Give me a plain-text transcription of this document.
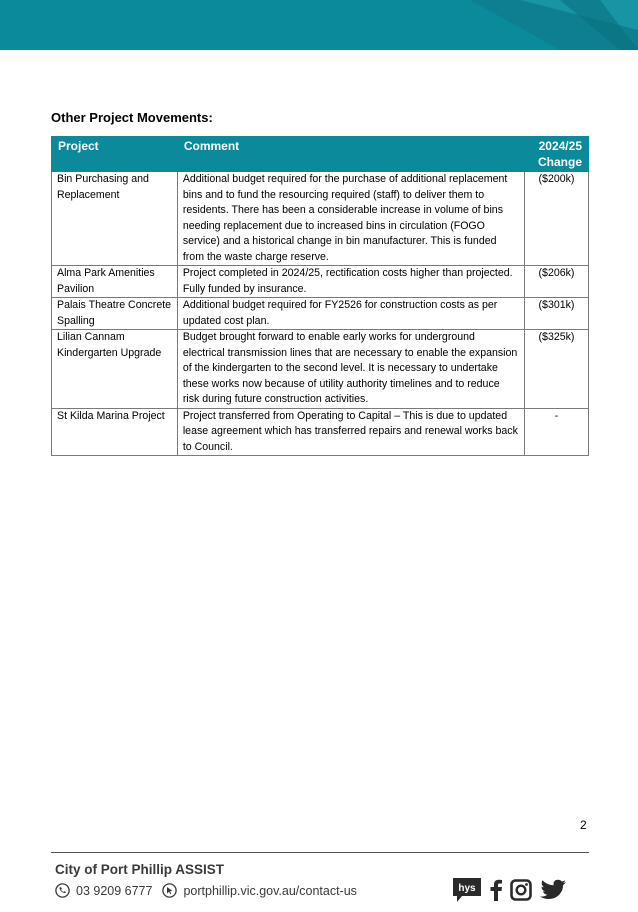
Other Project Movements:
Project	Comment	2024/25
Change

Bin Purchasing and Replacement	Additional budget required for the purchase of additional replacement bins and to fund the resourcing required (staff) to deliver them to residents. There has been a considerable increase in volume of bins needing replacement due to increased bins in circulation (FOGO service) and a historical change in bin manufacturer. This is funded from the waste charge reserve.	($200k)
Alma Park Amenities Pavilion	Project completed in 2024/25, rectification costs higher than projected. Fully funded by insurance.	($206k)
Palais Theatre Concrete Spalling	Additional budget required for FY2526 for construction costs as per updated cost plan.	($301k)
Lilian Cannam Kindergarten Upgrade	Budget brought forward to enable early works for underground electrical transmission lines that are necessary to enable the expansion of the kindergarten to the second level. It is necessary to undertake these works now because of utility authority timelines and to reduce risk during future construction activities.	($325k)
St Kilda Marina Project	Project transferred from Operating to Capital – This is due to updated lease agreement which has transferred repairs and renewal works back to Council.	-
2
City of Port Phillip ASSIST
03 9209 6777 portphillip.vic.gov.au/contact-us	hys
